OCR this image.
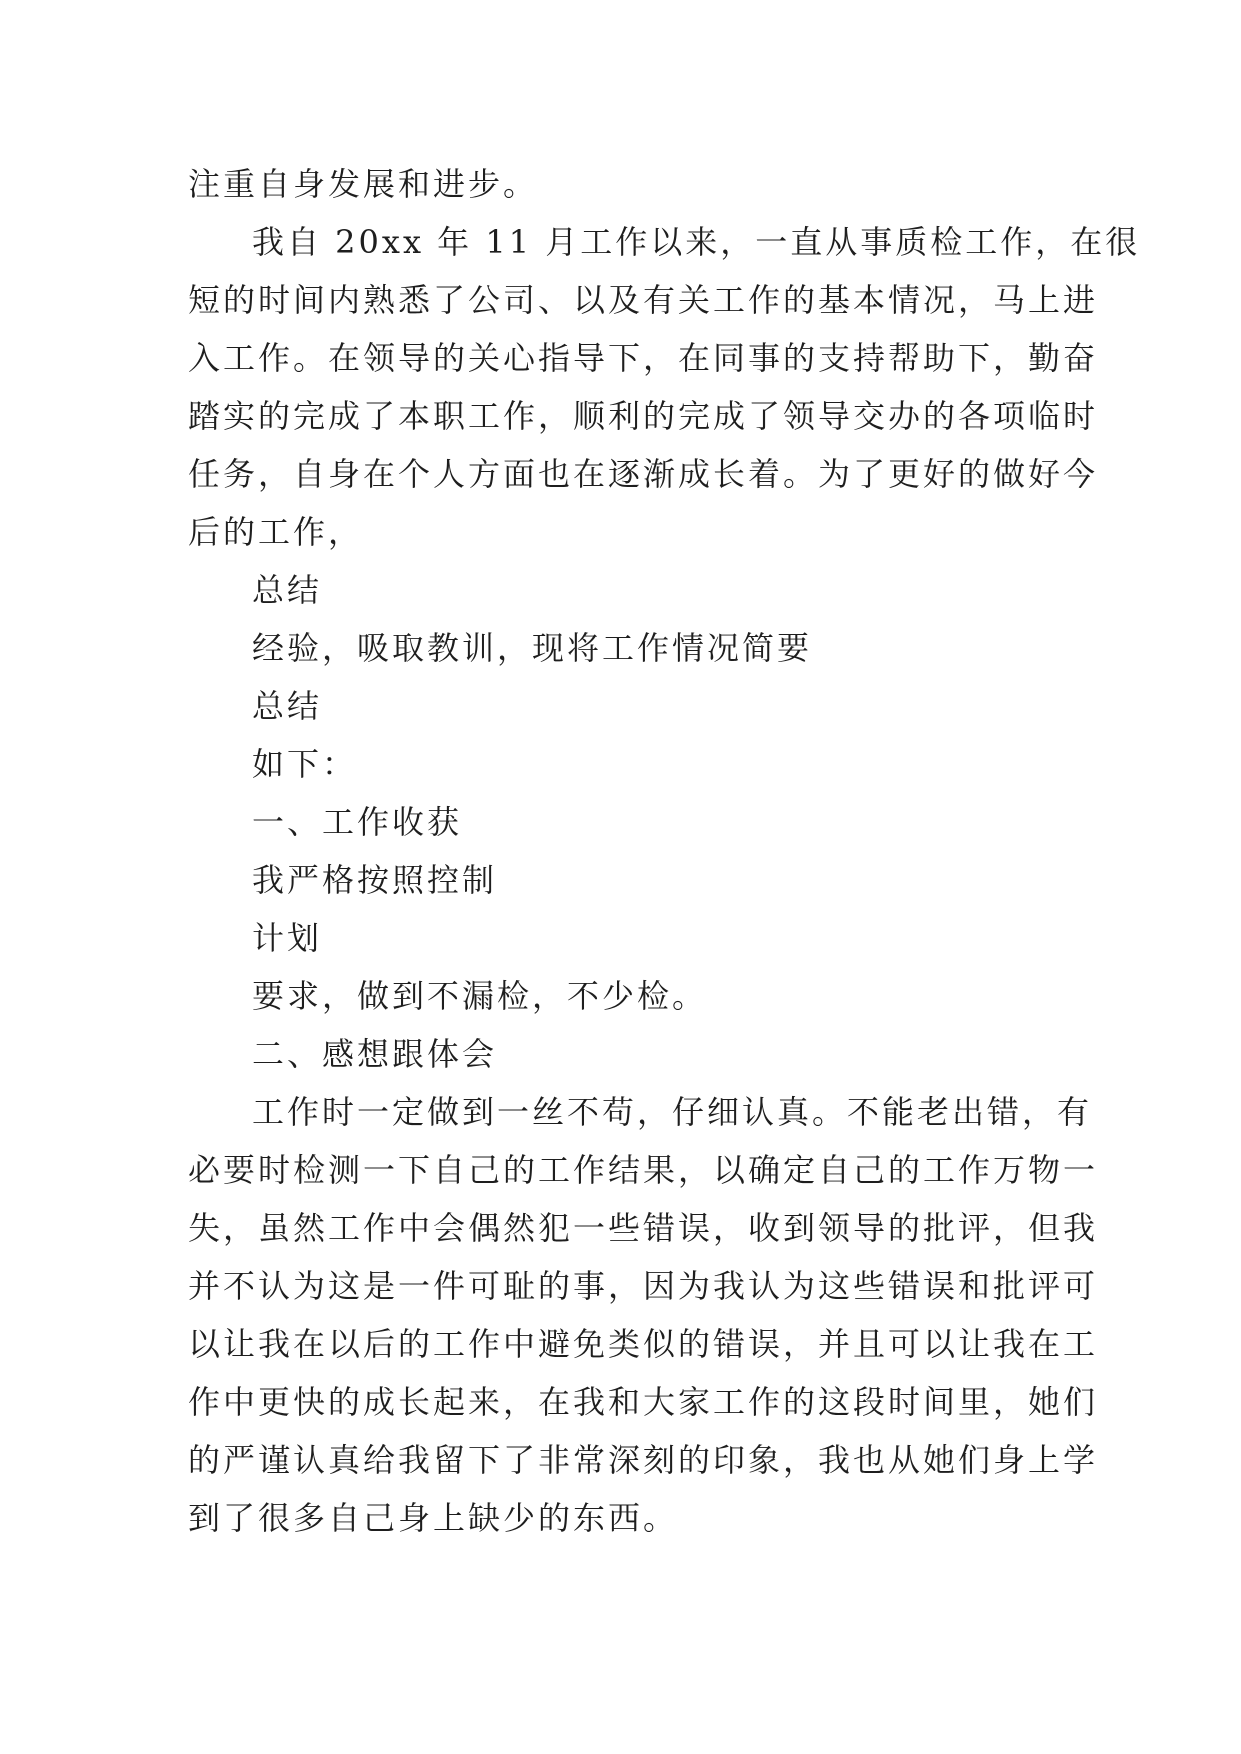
注重自身发展和进步。
我自 20xx 年 11 月工作以来，一直从事质检工作，在很
短的时间内熟悉了公司、以及有关工作的基本情况，马上进
入工作。在领导的关心指导下，在同事的支持帮助下，勤奋
踏实的完成了本职工作，顺利的完成了领导交办的各项临时
任务，自身在个人方面也在逐渐成长着。为了更好的做好今
后的工作，
总结
经验，吸取教训，现将工作情况简要
总结
如下：
一、工作收获
我严格按照控制
计划
要求，做到不漏检，不少检。
二、感想跟体会
工作时一定做到一丝不苟，仔细认真。不能老出错，有
必要时检测一下自己的工作结果，以确定自己的工作万物一
失，虽然工作中会偶然犯一些错误，收到领导的批评，但我
并不认为这是一件可耻的事，因为我认为这些错误和批评可
以让我在以后的工作中避免类似的错误，并且可以让我在工
作中更快的成长起来，在我和大家工作的这段时间里，她们
的严谨认真给我留下了非常深刻的印象，我也从她们身上学
到了很多自己身上缺少的东西。
